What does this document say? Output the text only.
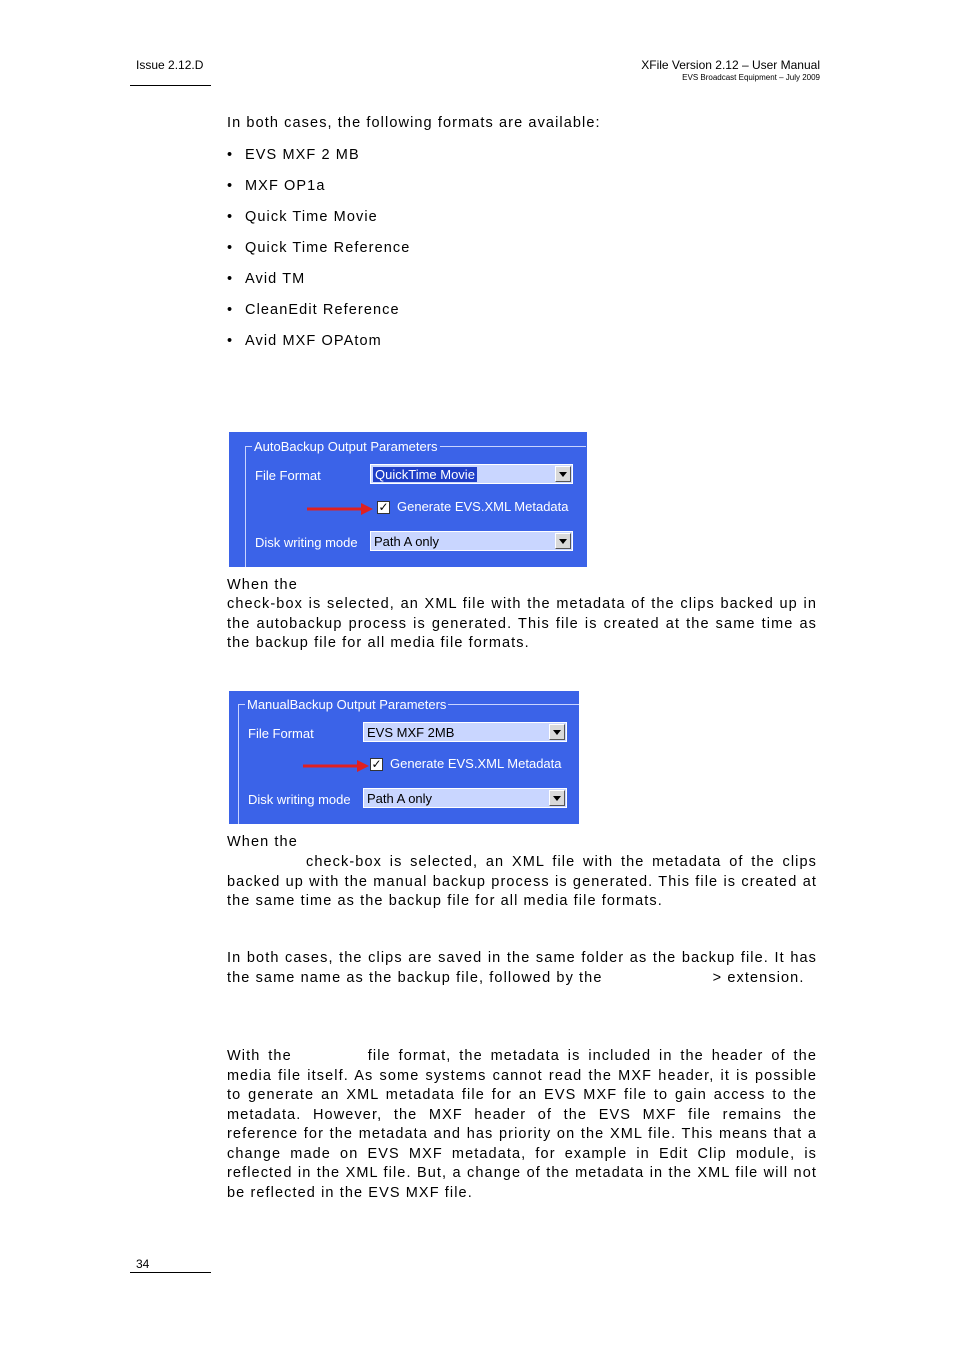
Issue 2.12.D	XFile Version 2.12 – User Manual
EVS Broadcast Equipment – July 2009
In both cases, the following formats are available:
• EVS MXF 2 MB
• MXF OP1a
• Quick Time Movie
• Quick Time Reference
• Avid TM
• CleanEdit Reference
• Avid MXF OPAtom
AutoBackup Output Parameters
File Format	QuickTime Movie
✓ Generate EVS.XML Metadata
Disk writing mode Path A only
When the
check-box is selected, an XML file with the metadata of the clips backed up in the autobackup process is generated. This file is created at the same time as the backup file for all media file formats.
ManualBackup Output Parameters
File Format	EVS MXF 2MB
✓ Generate EVS.XML Metadata
Disk writing mode Path A only
When the
check-box is selected, an XML file with the metadata of the clips backed up with the manual backup process is generated. This file is created at the same time as the backup file for all media file formats.
In both cases, the clips are saved in the same folder as the backup file. It has the same name as the backup file, followed by the	> extension.
With the	file format, the metadata is included in the header of the media file itself. As some systems cannot read the MXF header, it is possible to generate an XML metadata file for an EVS MXF file to gain access to the metadata. However, the MXF header of the EVS MXF file remains the reference for the metadata and has priority on the XML file. This means that a change made on EVS MXF metadata, for example in Edit Clip module, is reflected in the XML file. But, a change of the metadata in the XML file will not be reflected in the EVS MXF file.
34
